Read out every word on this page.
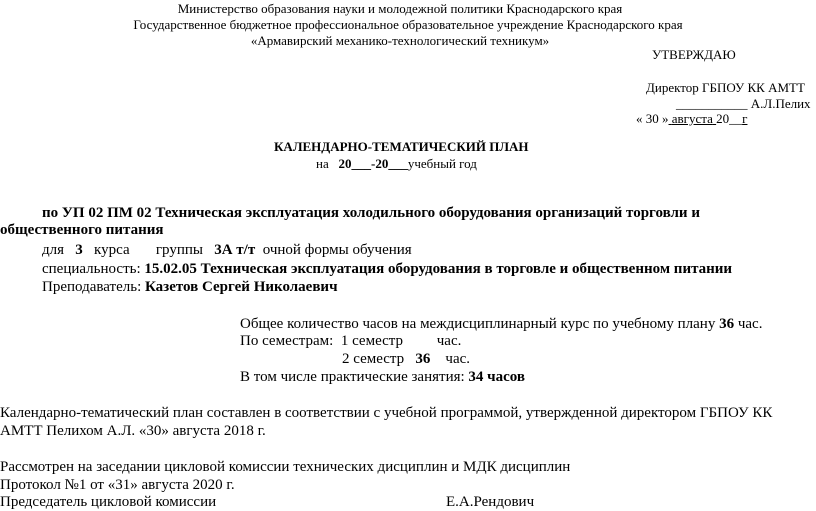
Министерство образования науки и молодежной политики Краснодарского края
Государственное бюджетное профессиональное образовательное учреждение Краснодарского края
«Армавирский механико-технологический техникум»
УТВЕРЖДАЮ
Директор ГБПОУ КК АМТТ
___________ А.Л.Пелих
« 30 » августа 20__г
КАЛЕНДАРНО-ТЕМАТИЧЕСКИЙ ПЛАН
на 20___-20___учебный год
по УП 02 ПМ 02 Техническая эксплуатация холодильного оборудования организаций торговли и
общественного питания
для 3 курса группы 3А т/т очной формы обучения
специальность: 15.02.05 Техническая эксплуатация оборудования в торговле и общественном питании
Преподаватель: Казетов Сергей Николаевич
Общее количество часов на междисциплинарный курс по учебному плану 36 час.
По семестрам: 1 семестр час.
2 семестр 36 час.
В том числе практические занятия: 34 часов
Календарно-тематический план составлен в соответствии с учебной программой, утвержденной директором ГБПОУ КК
АМТТ Пелихом А.Л. «30» августа 2018 г.
Рассмотрен на заседании цикловой комиссии технических дисциплин и МДК дисциплин
Протокол №1 от «31» августа 2020 г.
Председатель цикловой комиссии	Е.А.Рендович
